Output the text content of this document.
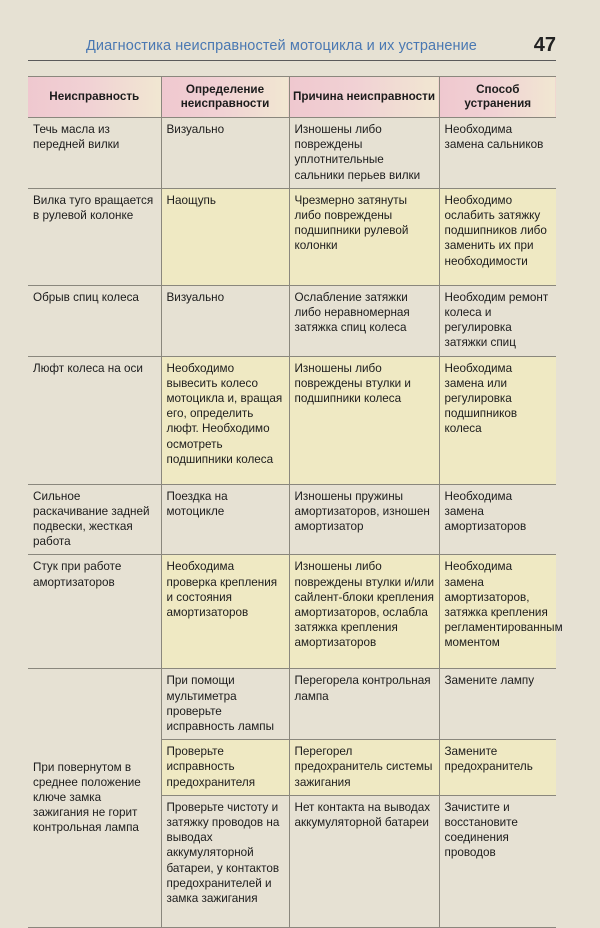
Диагностика неисправностей мотоцикла и их устранение	47
Неисправность	Определение неисправности	Причина неисправности	Способ устранения
Течь масла из передней вилки	Визуально	Изношены либо повреждены уплотнительные сальники перьев вилки	Необходима замена сальников
Вилка туго вращается в рулевой колонке	Наощупь	Чрезмерно затянуты либо повреждены подшипники рулевой колонки	Необходимо ослабить затяжку подшипников либо заменить их при необходимости
Обрыв спиц колеса	Визуально	Ослабление затяжки либо неравномерная затяжка спиц колеса	Необходим ремонт колеса и регулировка затяжки спиц
Люфт колеса на оси	Необходимо вывесить колесо мотоцикла и, вращая его, определить люфт. Необходимо осмотреть подшипники колеса	Изношены либо повреждены втулки и подшипники колеса	Необходима замена или регулировка подшипников колеса
Сильное раскачивание задней подвески, жесткая работа	Поездка на мотоцикле	Изношены пружины амортизаторов, изношен амортизатор	Необходима замена амортизаторов
Стук при работе амортизаторов	Необходима проверка крепления и состояния амортизаторов	Изношены либо повреждены втулки и/или сайлент-блоки крепления амортизаторов, ослабла затяжка крепления амортизаторов	Необходима замена амортизаторов, затяжка крепления регламентированным моментом
При повернутом в среднее положение ключе замка зажигания не горит контрольная лампа	При помощи мультиметра проверьте исправность лампы	Перегорела контрольная лампа	Замените лампу
	Проверьте исправность предохранителя	Перегорел предохранитель системы зажигания	Замените предохранитель
	Проверьте чистоту и затяжку проводов на выводах аккумуляторной батареи, у контактов предохранителей и замка зажигания	Нет контакта на выводах аккумуляторной батареи	Зачистите и восстановите соединения проводов
